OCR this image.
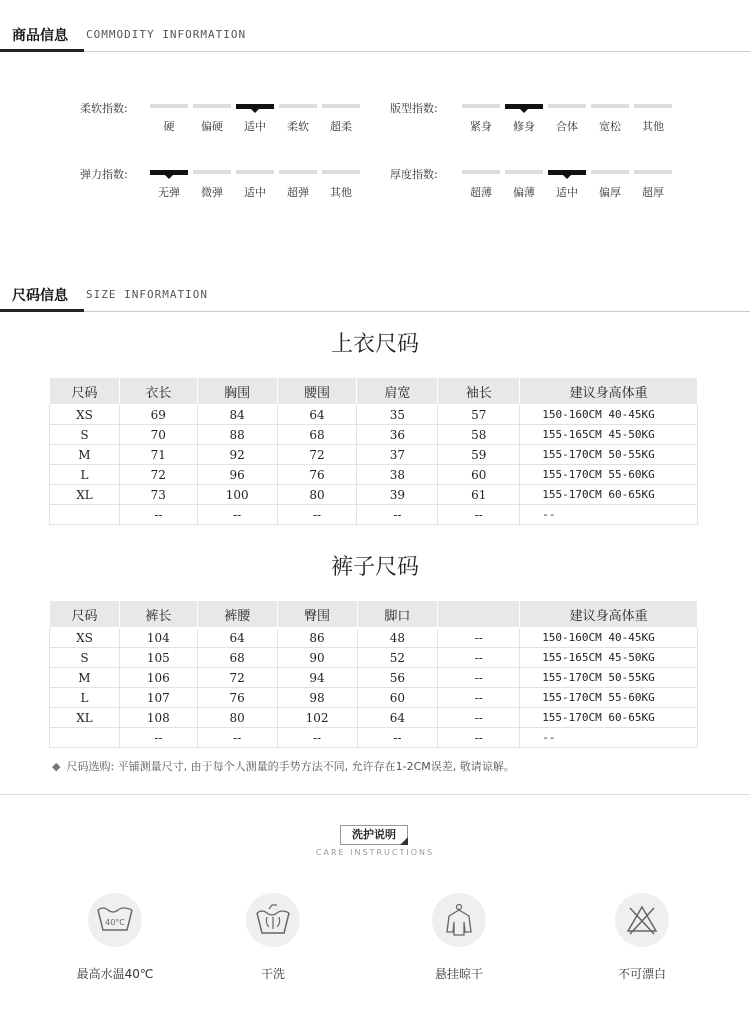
商品信息 COMMODITY INFORMATION
柔软指数:
硬	偏硬	适中	柔软	超柔
版型指数:
紧身	修身	合体	宽松	其他
弹力指数:
无弹	微弹	适中	超弹	其他
厚度指数:
超薄	偏薄	适中	偏厚	超厚
尺码信息 SIZE INFORMATION
上衣尺码
尺码	衣长	胸围	腰围	肩宽	袖长	建议身高体重
XS	69	84	64	35	57	150-160CM 40-45KG
S	70	88	68	36	58	155-165CM 45-50KG
M	71	92	72	37	59	155-170CM 50-55KG
L	72	96	76	38	60	155-170CM 55-60KG
XL	73	100	80	39	61	155-170CM 60-65KG
	--	--	--	--	--	--
裤子尺码
尺码	裤长	裤腰	臀围	脚口		建议身高体重
XS	104	64	86	48	--	150-160CM 40-45KG
S	105	68	90	52	--	155-165CM 45-50KG
M	106	72	94	56	--	155-170CM 50-55KG
L	107	76	98	60	--	155-170CM 55-60KG
XL	108	80	102	64	--	155-170CM 60-65KG
	--	--	--	--	--	--
◆ 尺码选购: 平铺测量尺寸, 由于每个人测量的手势方法不同, 允许存在1-2CM误差, 敬请谅解。
洗护说明
CARE INSTRUCTIONS
40°C
最高水温40℃	干洗	悬挂晾干	不可漂白
